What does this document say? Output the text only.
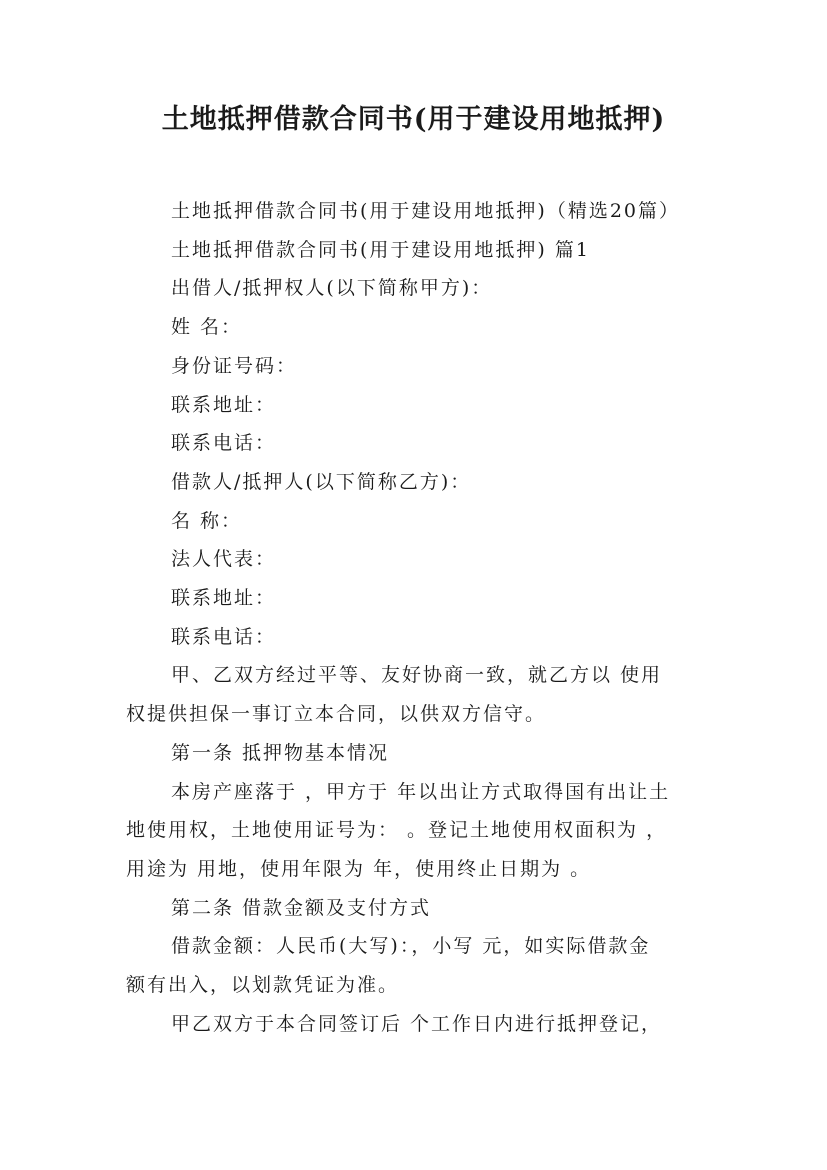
土地抵押借款合同书(用于建设用地抵押)
土地抵押借款合同书(用于建设用地抵押)（精选20篇）
土地抵押借款合同书(用于建设用地抵押) 篇1
出借人/抵押权人(以下简称甲方)：
姓 名：
身份证号码：
联系地址：
联系电话：
借款人/抵押人(以下简称乙方)：
名 称：
法人代表：
联系地址：
联系电话：
甲、乙双方经过平等、友好协商一致，就乙方以 使用
权提供担保一事订立本合同，以供双方信守。
第一条 抵押物基本情况
本房产座落于 ，甲方于 年以出让方式取得国有出让土
地使用权，土地使用证号为： 。登记土地使用权面积为 ，
用途为 用地，使用年限为 年，使用终止日期为 。
第二条 借款金额及支付方式
借款金额：人民币(大写)：，小写 元，如实际借款金
额有出入，以划款凭证为准。
甲乙双方于本合同签订后 个工作日内进行抵押登记，
